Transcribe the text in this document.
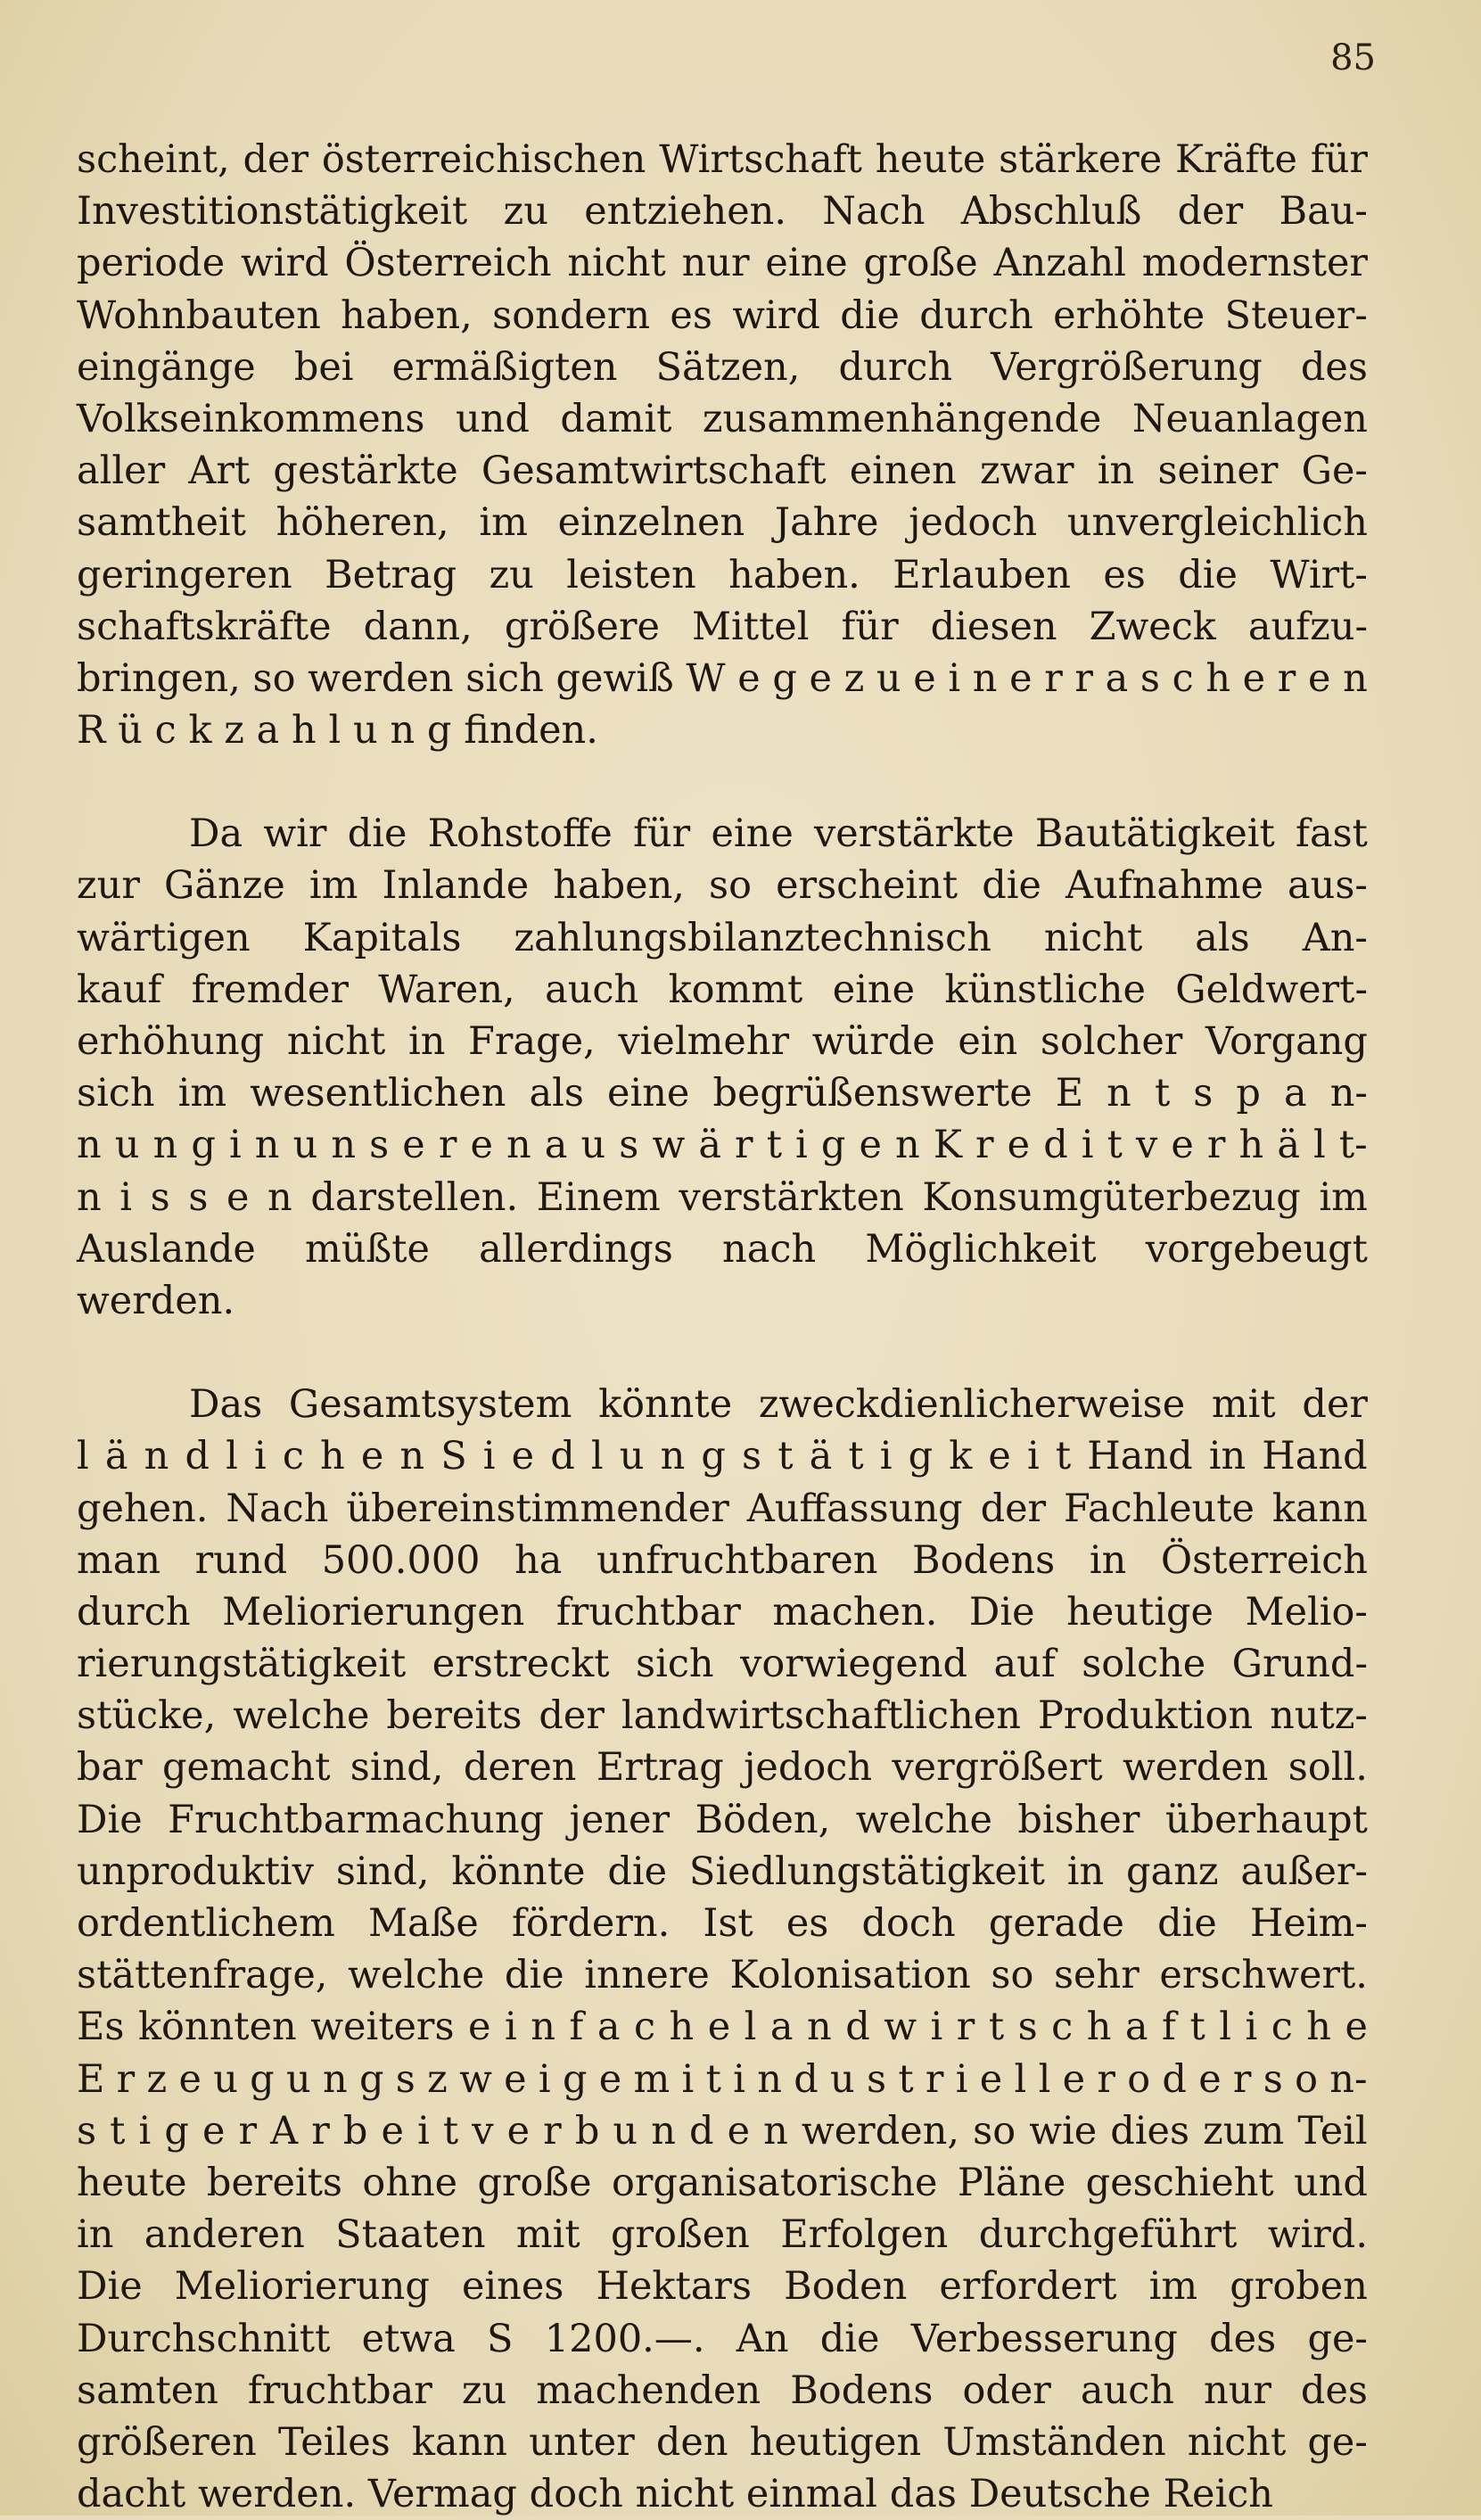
85
scheint, der österreichischen Wirtschaft heute stärkere Kräfte für
Investitionstätigkeit zu entziehen. Nach Abschluß der Bau-
periode wird Österreich nicht nur eine große Anzahl modernster
Wohnbauten haben, sondern es wird die durch erhöhte Steuer-
eingänge bei ermäßigten Sätzen, durch Vergrößerung des
Volkseinkommens und damit zusammenhängende Neuanlagen
aller Art gestärkte Gesamtwirtschaft einen zwar in seiner Ge-
samtheit höheren, im einzelnen Jahre jedoch unvergleichlich
geringeren Betrag zu leisten haben. Erlauben es die Wirt-
schaftskräfte dann, größere Mittel für diesen Zweck aufzu-
bringen, so werden sich gewiß W e g e z u e i n e r r a s c h e r e n
R ü c k z a h l u n g finden.
Da wir die Rohstoffe für eine verstärkte Bautätigkeit fast
zur Gänze im Inlande haben, so erscheint die Aufnahme aus-
wärtigen Kapitals zahlungsbilanztechnisch nicht als An-
kauf fremder Waren, auch kommt eine künstliche Geldwert-
erhöhung nicht in Frage, vielmehr würde ein solcher Vorgang
sich im wesentlichen als eine begrüßenswerte E n t s p a n-
n u n g i n u n s e r e n a u s w ä r t i g e n K r e d i t v e r h ä l t-
n i s s e n darstellen. Einem verstärkten Konsumgüterbezug im
Auslande müßte allerdings nach Möglichkeit vorgebeugt
werden.
Das Gesamtsystem könnte zweckdienlicherweise mit der
l ä n d l i c h e n S i e d l u n g s t ä t i g k e i t Hand in Hand
gehen. Nach übereinstimmender Auffassung der Fachleute kann
man rund 500.000 ha unfruchtbaren Bodens in Österreich
durch Meliorierungen fruchtbar machen. Die heutige Melio-
rierungstätigkeit erstreckt sich vorwiegend auf solche Grund-
stücke, welche bereits der landwirtschaftlichen Produktion nutz-
bar gemacht sind, deren Ertrag jedoch vergrößert werden soll.
Die Fruchtbarmachung jener Böden, welche bisher überhaupt
unproduktiv sind, könnte die Siedlungstätigkeit in ganz außer-
ordentlichem Maße fördern. Ist es doch gerade die Heim-
stättenfrage, welche die innere Kolonisation so sehr erschwert.
Es könnten weiters e i n f a c h e l a n d w i r t s c h a f t l i c h e
E r z e u g u n g s z w e i g e m i t i n d u s t r i e l l e r o d e r s o n-
s t i g e r A r b e i t v e r b u n d e n werden, so wie dies zum Teil
heute bereits ohne große organisatorische Pläne geschieht und
in anderen Staaten mit großen Erfolgen durchgeführt wird.
Die Meliorierung eines Hektars Boden erfordert im groben
Durchschnitt etwa S 1200.—. An die Verbesserung des ge-
samten fruchtbar zu machenden Bodens oder auch nur des
größeren Teiles kann unter den heutigen Umständen nicht ge-
dacht werden. Vermag doch nicht einmal das Deutsche Reich
